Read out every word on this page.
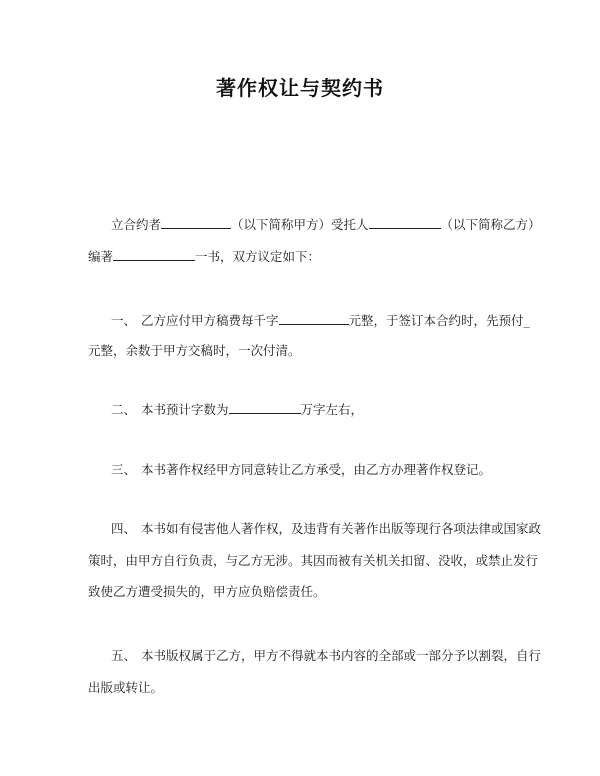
著作权让与契约书
立合约者	（以下简称甲方）受托人	（以下简称乙方）
编著	一书，双方议定如下：
一、 乙方应付甲方稿费每千字	元整，于签订本合约时，先预付_
元整，余数于甲方交稿时，一次付清。
二、 本书预计字数为	万字左右，
三、 本书著作权经甲方同意转让乙方承受，由乙方办理著作权登记。
四、 本书如有侵害他人著作权，及违背有关著作出版等现行各项法律或国家政
策时，由甲方自行负责，与乙方无涉。其因而被有关机关扣留、没收，或禁止发行
致使乙方遭受损失的，甲方应负赔偿责任。
五、 本书版权属于乙方，甲方不得就本书内容的全部或一部分予以割裂，自行
出版或转让。
